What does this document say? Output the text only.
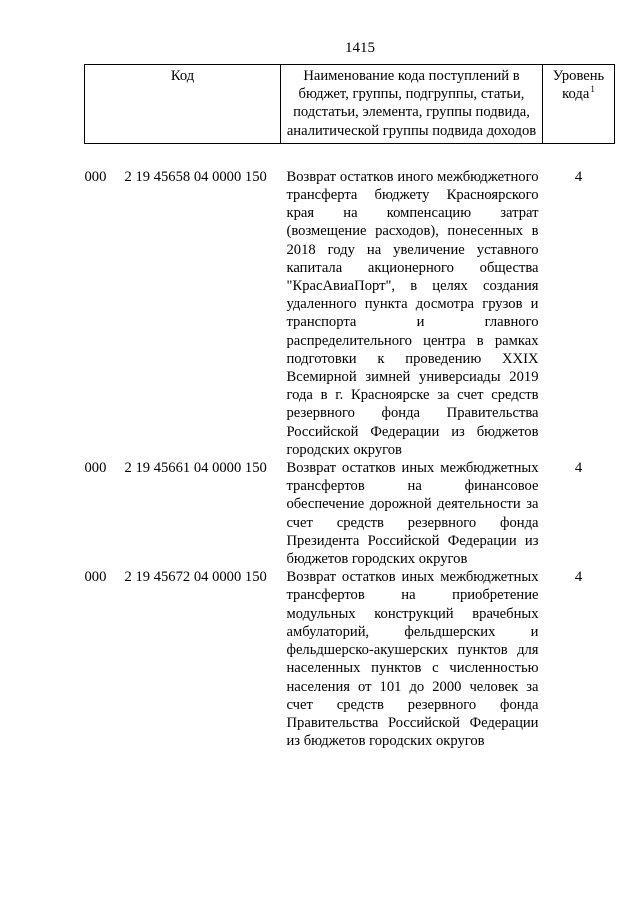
1415
Код		Наименование кода поступлений в бюджет, группы, подгруппы, статьи, подстатьи, элемента, группы подвида, аналитической группы подвида доходов	Уровень кода$^1$

000	2 19 45658 04 0000 150	Возврат остатков иного межбюджетного трансферта бюджету Красноярского края на компенсацию затрат (возмещение расходов), понесенных в 2018 году на увеличение уставного капитала акционерного общества "КрасАвиаПорт", в целях создания удаленного пункта досмотра грузов и транспорта и главного распределительного центра в рамках подготовки к проведению XXIX Всемирной зимней универсиады 2019 года в г. Красноярске за счет средств резервного фонда Правительства Российской Федерации из бюджетов городских округов	4
000	2 19 45661 04 0000 150	Возврат остатков иных межбюджетных трансфертов на финансовое обеспечение дорожной деятельности за счет средств резервного фонда Президента Российской Федерации из бюджетов городских округов	4
000	2 19 45672 04 0000 150	Возврат остатков иных межбюджетных трансфертов на приобретение модульных конструкций врачебных амбулаторий, фельдшерских и фельдшерско-акушерских пунктов для населенных пунктов с численностью населения от 101 до 2000 человек за счет средств резервного фонда Правительства Российской Федерации из бюджетов городских округов	4
